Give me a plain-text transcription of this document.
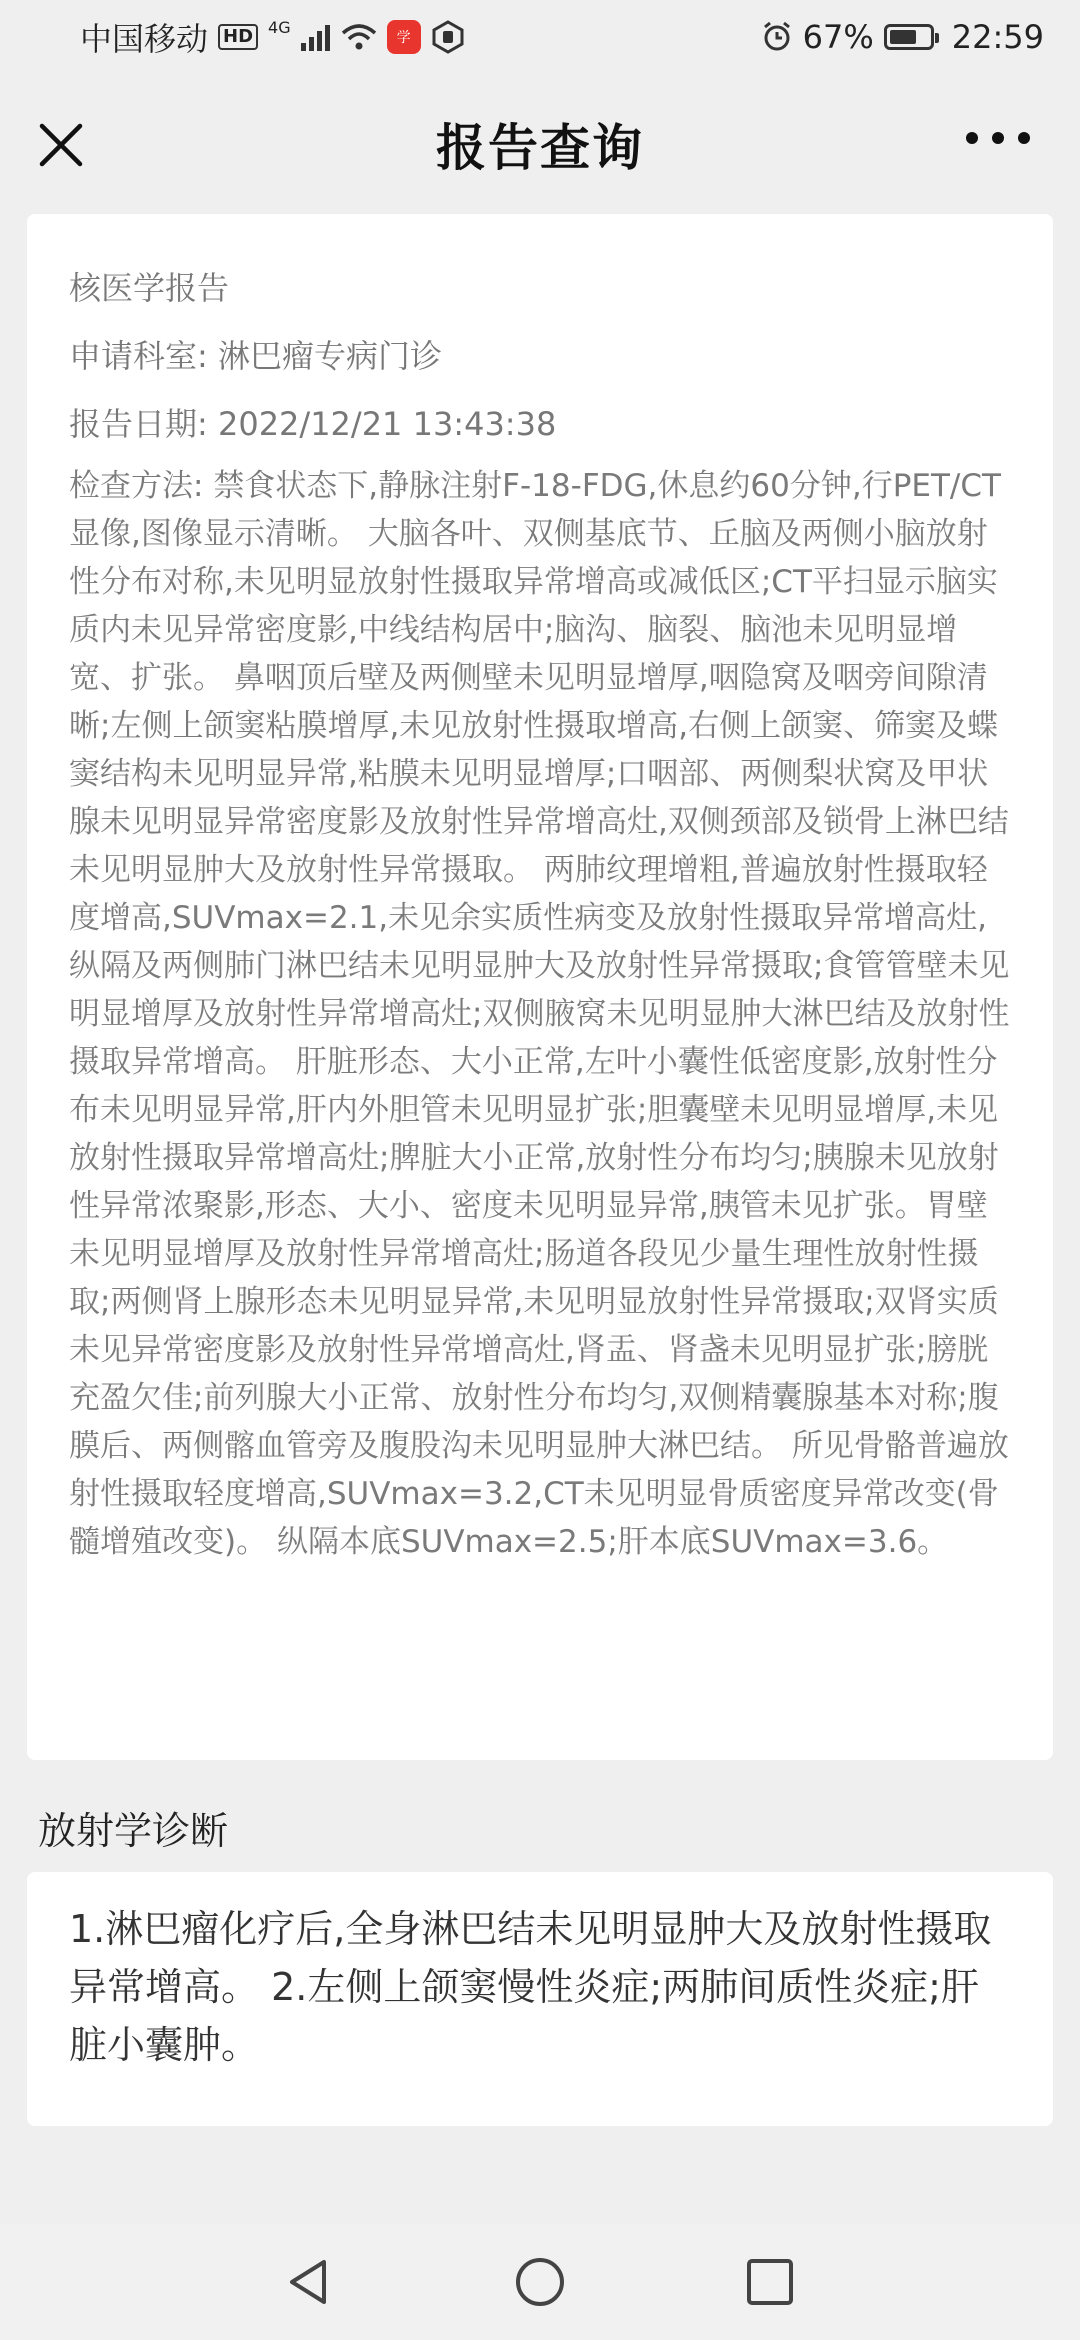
中国移动 HD 4G
学	67% 22:59
报告查询
核医学报告
申请科室: 淋巴瘤专病门诊
报告日期: 2022/12/21 13:43:38
检查方法: 禁食状态下,静脉注射F-18-FDG,休息约60分钟,行PET/CT显像,图像显示清晰。 大脑各叶、双侧基底节、丘脑及两侧小脑放射性分布对称,未见明显放射性摄取异常增高或减低区;CT平扫显示脑实质内未见异常密度影,中线结构居中;脑沟、脑裂、脑池未见明显增宽、扩张。 鼻咽顶后壁及两侧壁未见明显增厚,咽隐窝及咽旁间隙清晰;左侧上颌窦粘膜增厚,未见放射性摄取增高,右侧上颌窦、筛窦及蝶窦结构未见明显异常,粘膜未见明显增厚;口咽部、两侧梨状窝及甲状腺未见明显异常密度影及放射性异常增高灶,双侧颈部及锁骨上淋巴结未见明显肿大及放射性异常摄取。 两肺纹理增粗,普遍放射性摄取轻度增高,SUVmax=2.1,未见余实质性病变及放射性摄取异常增高灶,纵隔及两侧肺门淋巴结未见明显肿大及放射性异常摄取;食管管壁未见明显增厚及放射性异常增高灶;双侧腋窝未见明显肿大淋巴结及放射性摄取异常增高。 肝脏形态、大小正常,左叶小囊性低密度影,放射性分布未见明显异常,肝内外胆管未见明显扩张;胆囊壁未见明显增厚,未见放射性摄取异常增高灶;脾脏大小正常,放射性分布均匀;胰腺未见放射性异常浓聚影,形态、大小、密度未见明显异常,胰管未见扩张。胃壁未见明显增厚及放射性异常增高灶;肠道各段见少量生理性放射性摄取;两侧肾上腺形态未见明显异常,未见明显放射性异常摄取;双肾实质未见异常密度影及放射性异常增高灶,肾盂、肾盏未见明显扩张;膀胱充盈欠佳;前列腺大小正常、放射性分布均匀,双侧精囊腺基本对称;腹膜后、两侧髂血管旁及腹股沟未见明显肿大淋巴结。 所见骨骼普遍放射性摄取轻度增高,SUVmax=3.2,CT未见明显骨质密度异常改变(骨髓增殖改变)。 纵隔本底SUVmax=2.5;肝本底SUVmax=3.6。
放射学诊断
1.淋巴瘤化疗后,全身淋巴结未见明显肿大及放射性摄取异常增高。 2.左侧上颌窦慢性炎症;两肺间质性炎症;肝脏小囊肿。
